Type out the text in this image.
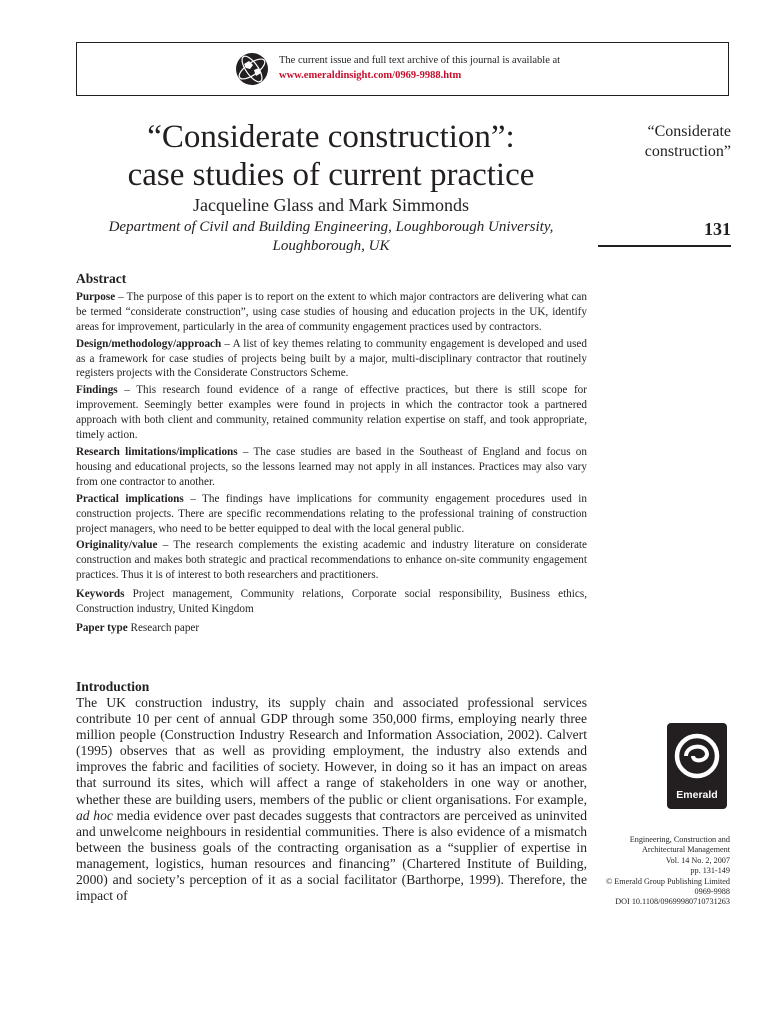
The current issue and full text archive of this journal is available at
www.emeraldinsight.com/0969-9988.htm
“Considerate construction”:
case studies of current practice

Jacqueline Glass and Mark Simmonds

Department of Civil and Building Engineering, Loughborough University,
Loughborough, UK

“Considerate
construction”
131

Abstract

Purpose – The purpose of this paper is to report on the extent to which major contractors are delivering what can be termed “considerate construction”, using case studies of housing and education projects in the UK, identify areas for improvement, particularly in the area of community engagement practices used by contractors.

Design/methodology/approach – A list of key themes relating to community engagement is developed and used as a framework for case studies of projects being built by a major, multi-disciplinary contractor that routinely registers projects with the Considerate Constructors Scheme.

Findings – This research found evidence of a range of effective practices, but there is still scope for improvement. Seemingly better examples were found in projects in which the contractor took a partnered approach with both client and community, retained community relation expertise on staff, and took appropriate, timely action.

Research limitations/implications – The case studies are based in the Southeast of England and focus on housing and educational projects, so the lessons learned may not apply in all instances. Practices may also vary from one contractor to another.

Practical implications – The findings have implications for community engagement procedures used in construction projects. There are specific recommendations relating to the professional training of construction project managers, who need to be better equipped to deal with the local general public.

Originality/value – The research complements the existing academic and industry literature on considerate construction and makes both strategic and practical recommendations to enhance on-site community engagement practices. Thus it is of interest to both researchers and practitioners.

Keywords Project management, Community relations, Corporate social responsibility, Business ethics, Construction industry, United Kingdom

Paper type Research paper

Introduction

The UK construction industry, its supply chain and associated professional services contribute 10 per cent of annual GDP through some 350,000 firms, employing nearly three million people (Construction Industry Research and Information Association, 2002). Calvert (1995) observes that as well as providing employment, the industry also extends and improves the fabric and facilities of society. However, in doing so it has an impact on areas that surround its sites, which will affect a range of stakeholders in one way or another, whether these are building users, members of the public or client organisations. For example, ad hoc media evidence over past decades suggests that contractors are perceived as uninvited and unwelcome neighbours in residential communities. There is also evidence of a mismatch between the business goals of the contracting organisation as a “supplier of expertise in management, logistics, human resources and financing” (Chartered Institute of Building, 2000) and society’s perception of it as a social facilitator (Barthorpe, 1999). Therefore, the impact of

Emerald
Engineering, Construction and
Architectural Management
Vol. 14 No. 2, 2007
pp. 131-149
© Emerald Group Publishing Limited
0969-9988
DOI 10.1108/09699980710731263
